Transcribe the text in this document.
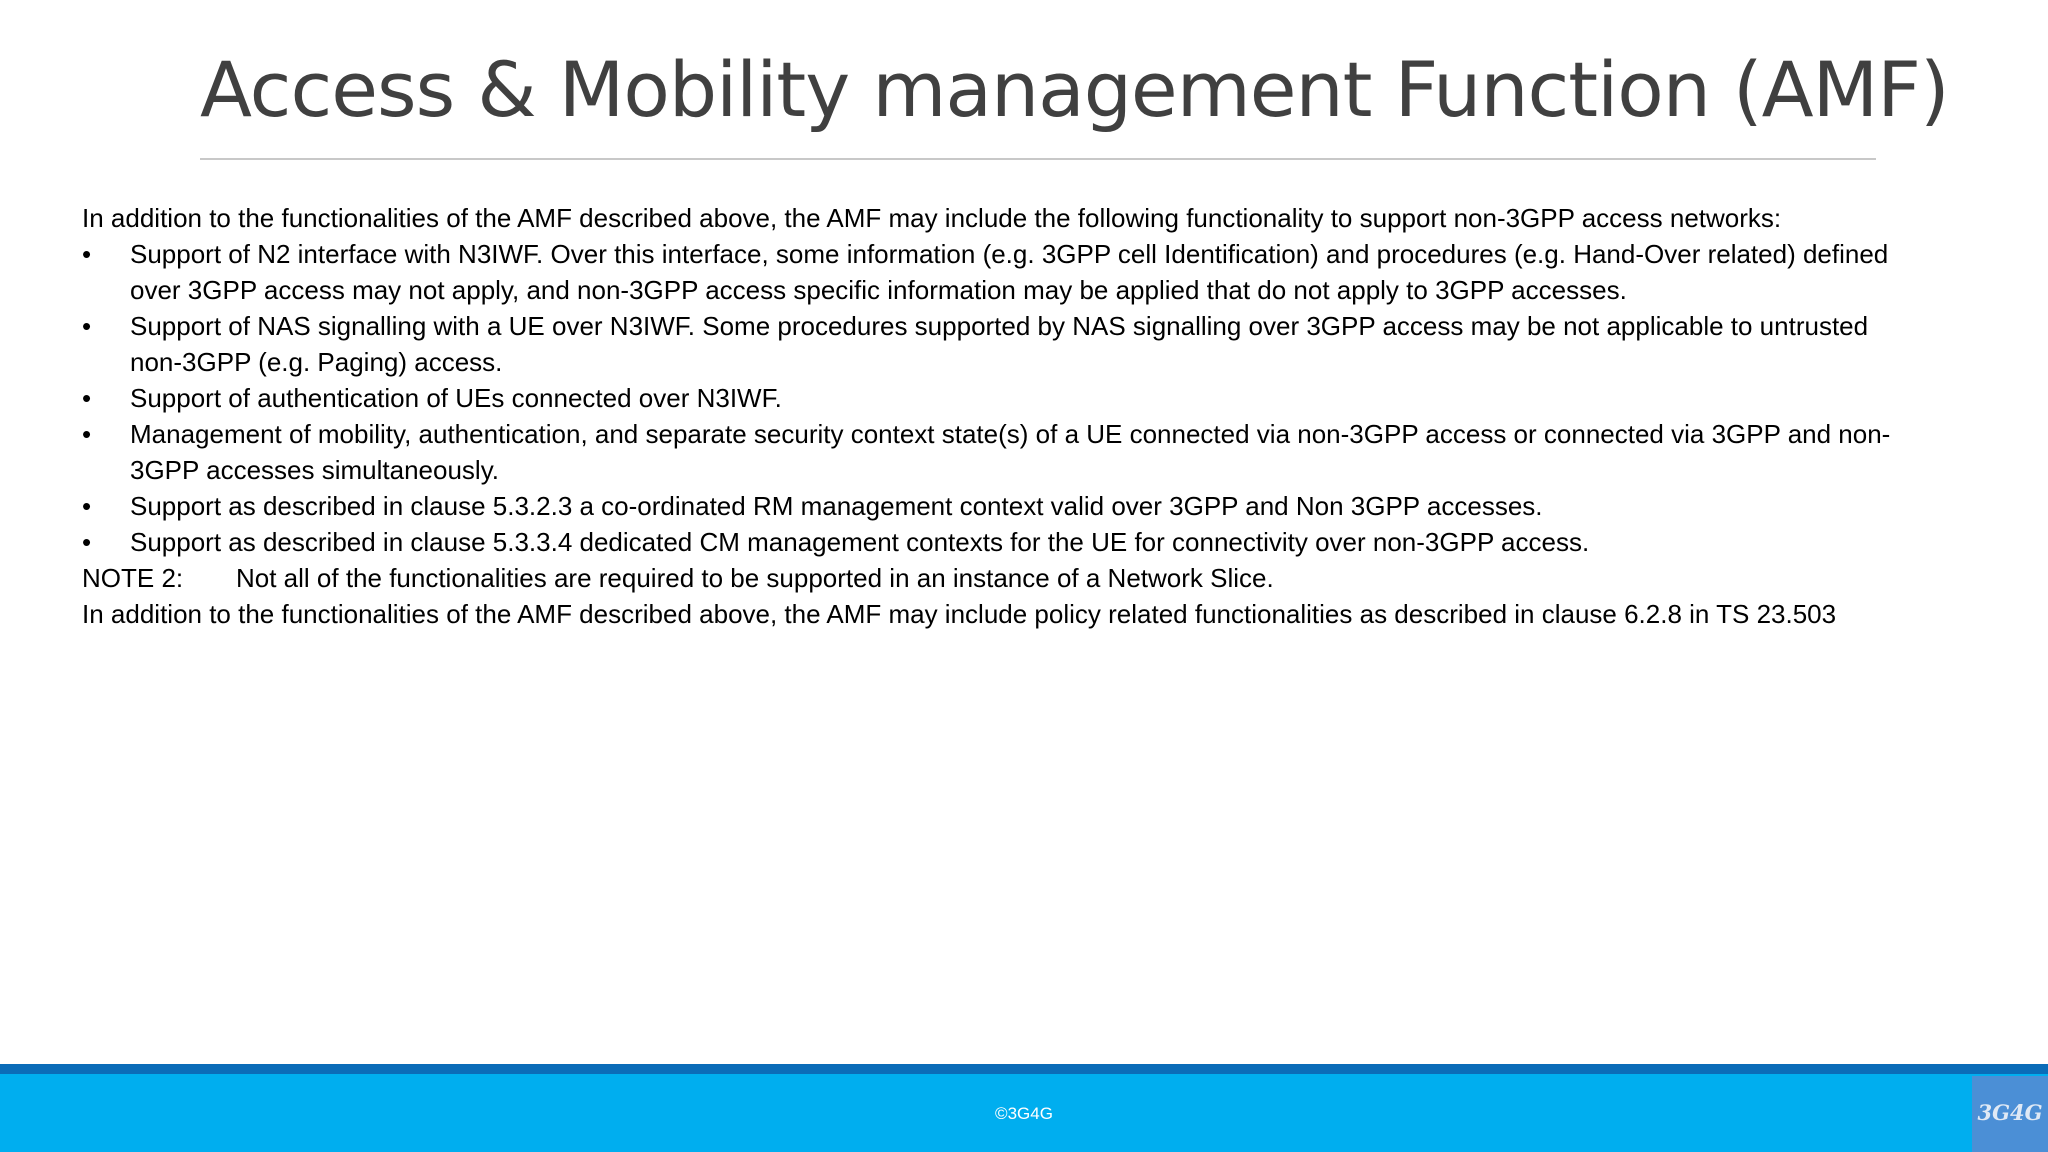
Access & Mobility management Function (AMF)

In addition to the functionalities of the AMF described above, the AMF may include the following functionality to support non-3GPP access networks:

• Support of N2 interface with N3IWF. Over this interface, some information (e.g. 3GPP cell Identification) and procedures (e.g. Hand-Over related) defined
over 3GPP access may not apply, and non-3GPP access specific information may be applied that do not apply to 3GPP accesses.
• Support of NAS signalling with a UE over N3IWF. Some procedures supported by NAS signalling over 3GPP access may be not applicable to untrusted
non-3GPP (e.g. Paging) access.
• Support of authentication of UEs connected over N3IWF.
• Management of mobility, authentication, and separate security context state(s) of a UE connected via non-3GPP access or connected via 3GPP and non-
3GPP accesses simultaneously.
• Support as described in clause 5.3.2.3 a co-ordinated RM management context valid over 3GPP and Non 3GPP accesses.
• Support as described in clause 5.3.3.4 dedicated CM management contexts for the UE for connectivity over non-3GPP access.

NOTE 2: Not all of the functionalities are required to be supported in an instance of a Network Slice.

In addition to the functionalities of the AMF described above, the AMF may include policy related functionalities as described in clause 6.2.8 in TS 23.503

©3G4G	3G4G
